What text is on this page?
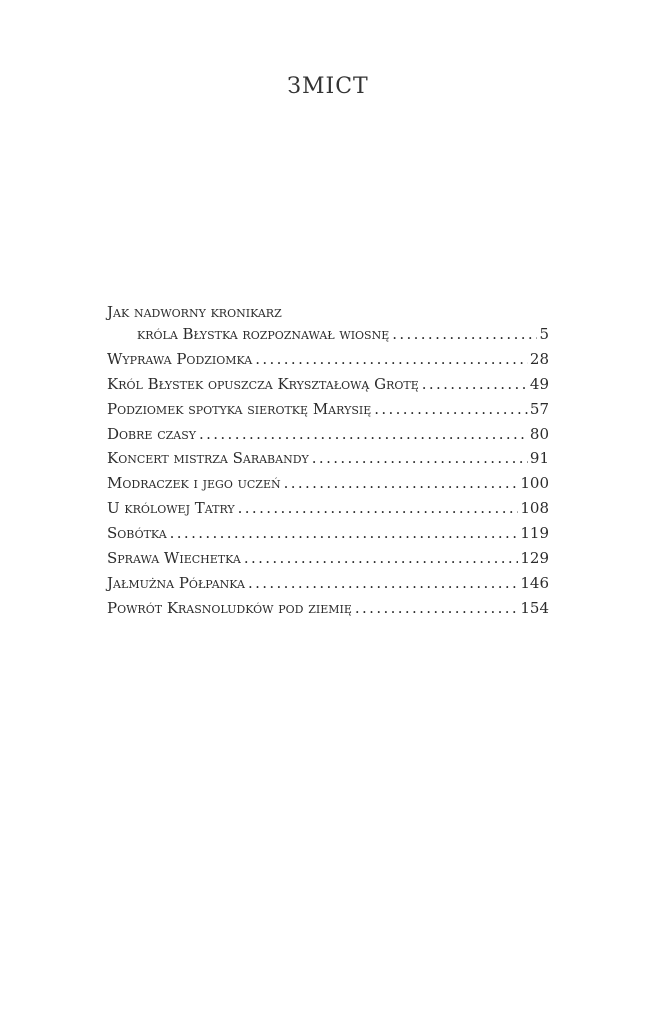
ЗМІСТ
Jak nadworny kronikarz
króla Błystka rozpoznawał wiosnę . . .	5
Wyprawa Podziomka . . .	28
Król Błystek opuszcza Kryształową Grotę . . .	49
Podziomek spotyka sierotkę Marysię . . .	57
Dobre czasy . . .	80
Koncert mistrza Sarabandy . . .	91
Modraczek i jego uczeń . . .	100
U królowej Tatry . . .	108
Sobótka . . .	119
Sprawa Wiechetka . . .	129
Jałmużna Półpanka . . .	146
Powrót Krasnoludków pod ziemię . . .	154
